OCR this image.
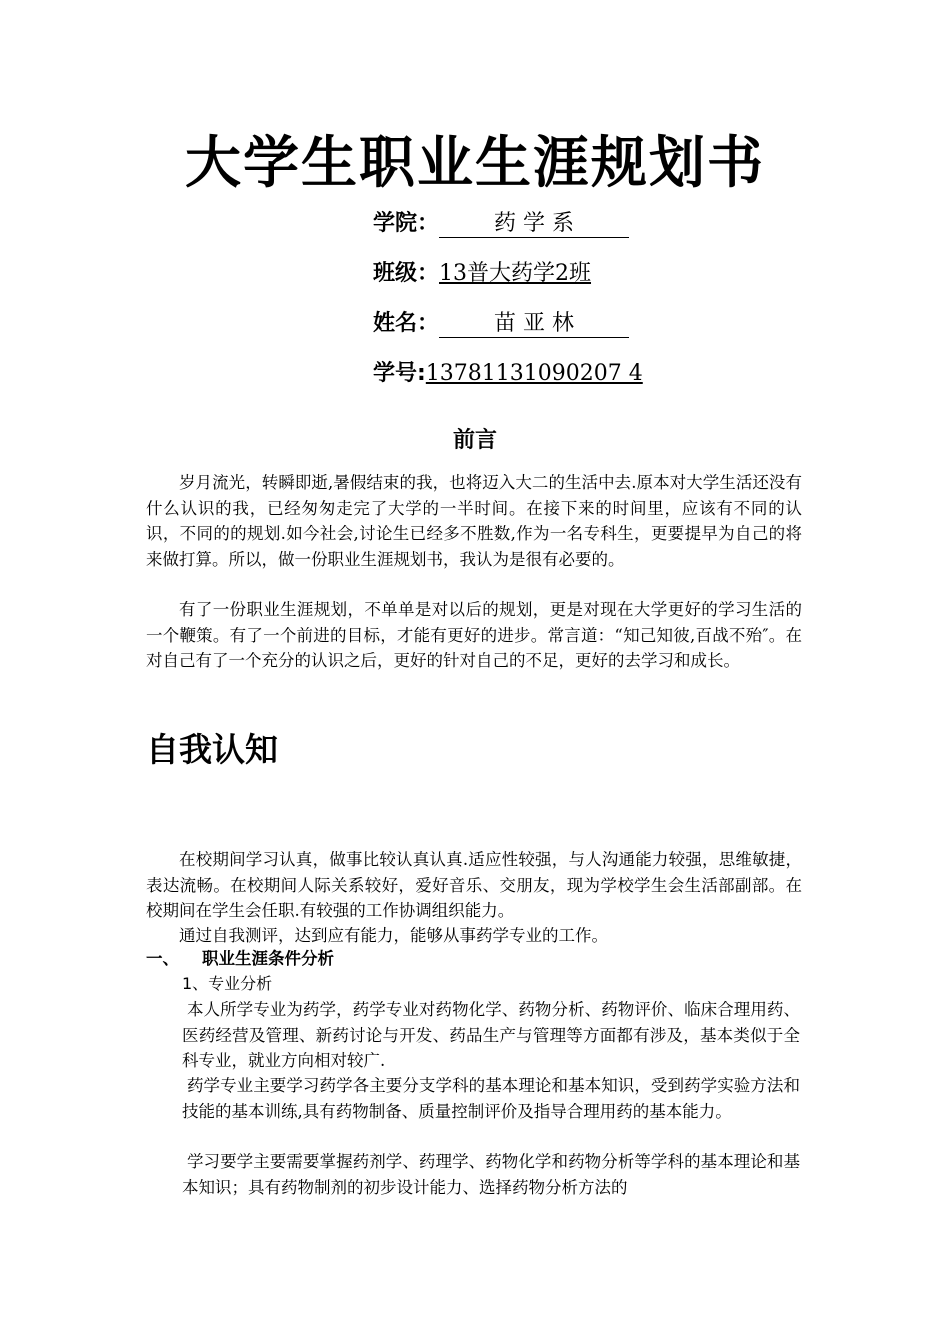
大学生职业生涯规划书
学院：	药 学 系
班级：13普大药学2班
姓名：	苗 亚 林
学号:13781131090207 4
前言

岁月流光，转瞬即逝,暑假结束的我，也将迈入大二的生活中去.原本对大学生活还没有什么认识的我，已经匆匆走完了大学的一半时间。在接下来的时间里，应该有不同的认识，不同的的规划.如今社会,讨论生已经多不胜数,作为一名专科生，更要提早为自己的将来做打算。所以，做一份职业生涯规划书，我认为是很有必要的。

有了一份职业生涯规划，不单单是对以后的规划，更是对现在大学更好的学习生活的一个鞭策。有了一个前进的目标，才能有更好的进步。常言道：“知己知彼,百战不殆″。在对自己有了一个充分的认识之后，更好的针对自己的不足，更好的去学习和成长。

自我认知

在校期间学习认真，做事比较认真认真.适应性较强，与人沟通能力较强，思维敏捷，表达流畅。在校期间人际关系较好，爱好音乐、交朋友，现为学校学生会生活部副部。在校期间在学生会任职.有较强的工作协调组织能力。

通过自我测评，达到应有能力，能够从事药学专业的工作。

一、 职业生涯条件分析
1、专业分析

本人所学专业为药学，药学专业对药物化学、药物分析、药物评价、临床合理用药、医药经营及管理、新药讨论与开发、药品生产与管理等方面都有涉及，基本类似于全科专业，就业方向相对较广.

药学专业主要学习药学各主要分支学科的基本理论和基本知识，受到药学实验方法和技能的基本训练,具有药物制备、质量控制评价及指导合理用药的基本能力。

学习要学主要需要掌握药剂学、药理学、药物化学和药物分析等学科的基本理论和基本知识；具有药物制剂的初步设计能力、选择药物分析方法的
